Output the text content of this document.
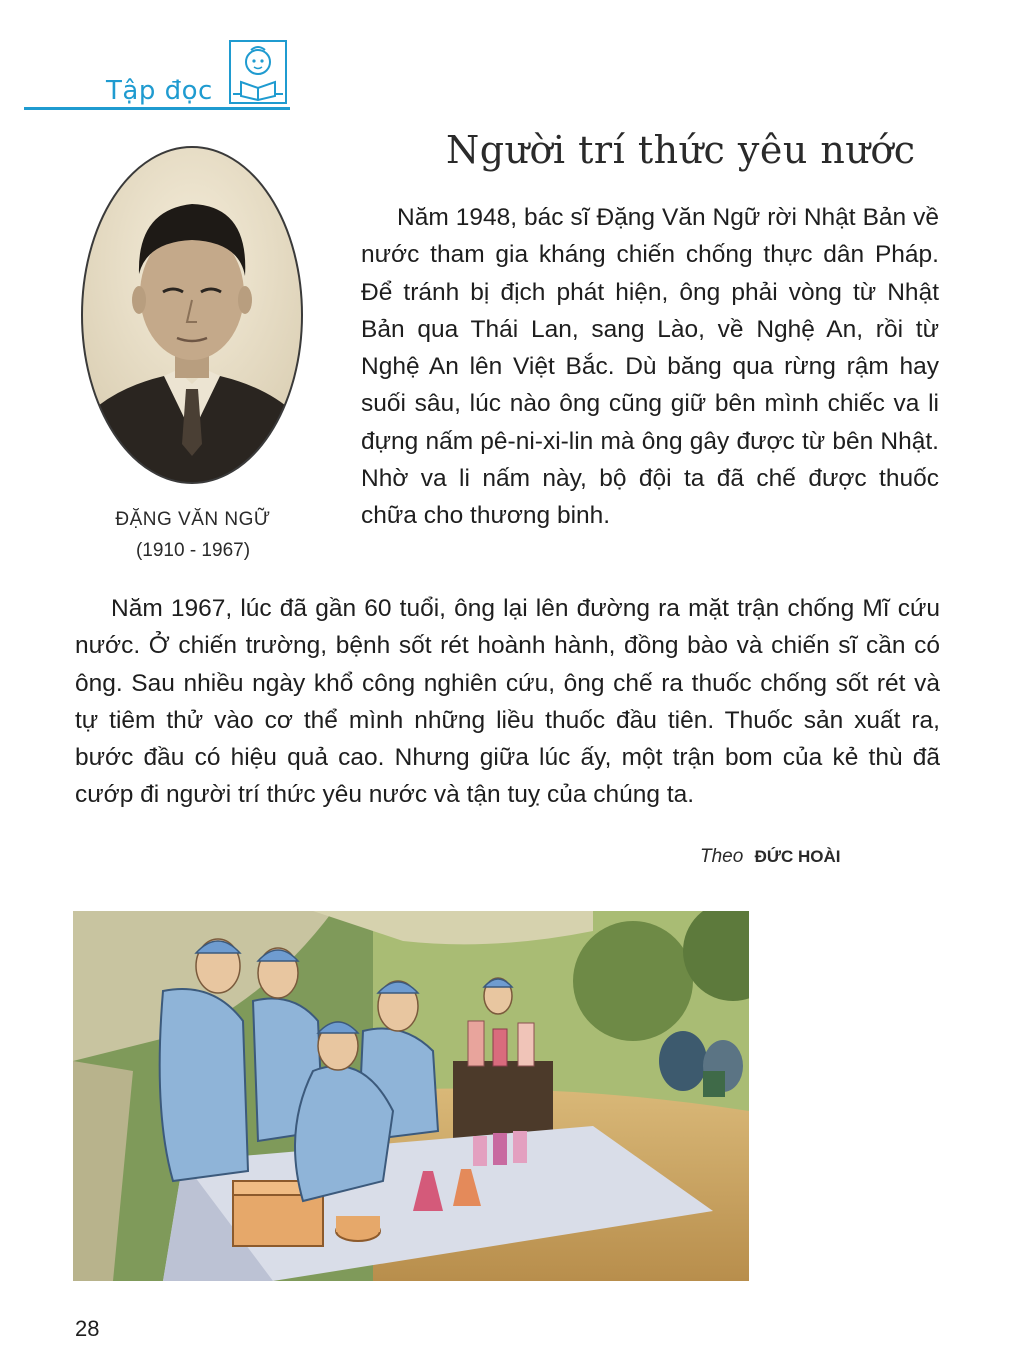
Tập đọc
Người trí thức yêu nước
ĐẶNG VĂN NGỮ
(1910 - 1967)
Năm 1948, bác sĩ Đặng Văn Ngữ rời Nhật Bản về nước tham gia kháng chiến chống thực dân Pháp. Để tránh bị địch phát hiện, ông phải vòng từ Nhật Bản qua Thái Lan, sang Lào, về Nghệ An, rồi từ Nghệ An lên Việt Bắc. Dù băng qua rừng rậm hay suối sâu, lúc nào ông cũng giữ bên mình chiếc va li đựng nấm pê-ni-xi-lin mà ông gây được từ bên Nhật. Nhờ va li nấm này, bộ đội ta đã chế được thuốc chữa cho thương binh.
Năm 1967, lúc đã gần 60 tuổi, ông lại lên đường ra mặt trận chống Mĩ cứu nước. Ở chiến trường, bệnh sốt rét hoành hành, đồng bào và chiến sĩ cần có ông. Sau nhiều ngày khổ công nghiên cứu, ông chế ra thuốc chống sốt rét và tự tiêm thử vào cơ thể mình những liều thuốc đầu tiên. Thuốc sản xuất ra, bước đầu có hiệu quả cao. Nhưng giữa lúc ấy, một trận bom của kẻ thù đã cướp đi người trí thức yêu nước và tận tuỵ của chúng ta.
Theo ĐỨC HOÀI
28
